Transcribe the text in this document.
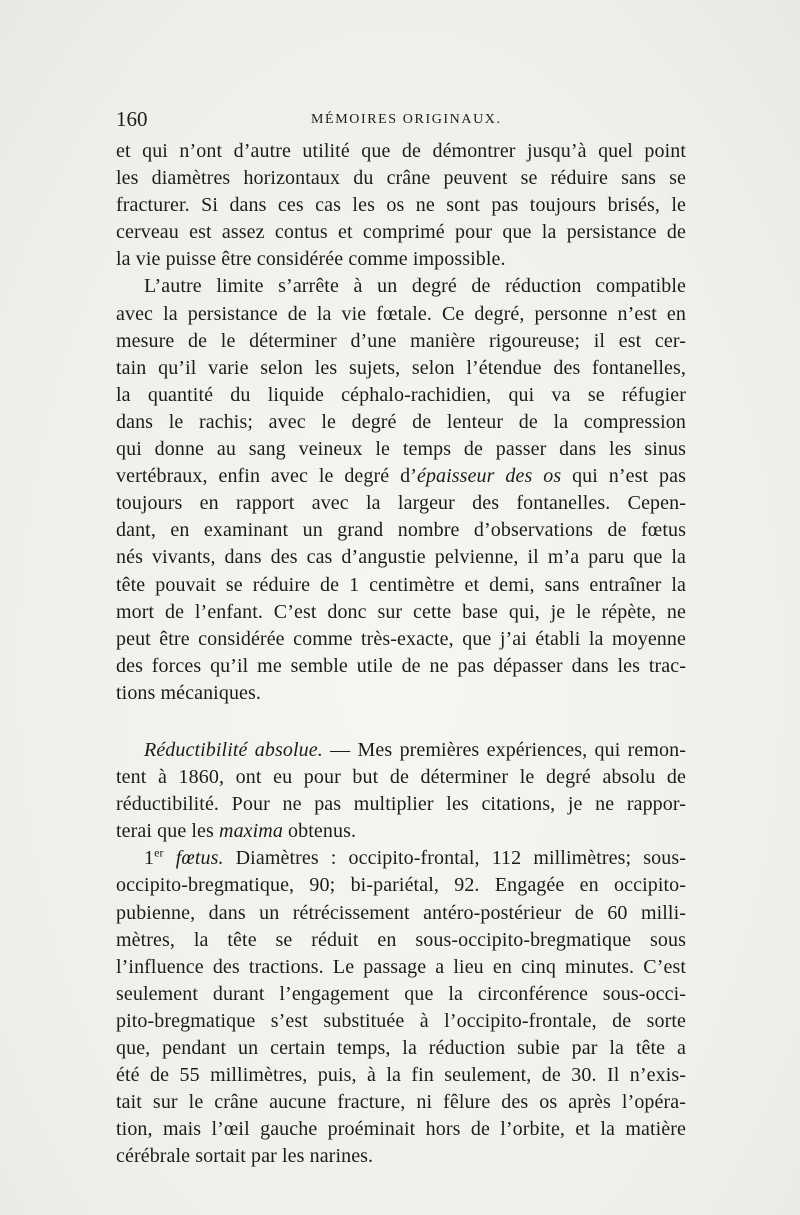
160	MÉMOIRES ORIGINAUX.
et qui n’ont d’autre utilité que de démontrer jusqu’à quel point
les diamètres horizontaux du crâne peuvent se réduire sans se
fracturer. Si dans ces cas les os ne sont pas toujours brisés, le
cerveau est assez contus et comprimé pour que la persistance de
la vie puisse être considérée comme impossible.
L’autre limite s’arrête à un degré de réduction compatible
avec la persistance de la vie fœtale. Ce degré, personne n’est en
mesure de le déterminer d’une manière rigoureuse; il est cer-
tain qu’il varie selon les sujets, selon l’étendue des fontanelles,
la quantité du liquide céphalo-rachidien, qui va se réfugier
dans le rachis; avec le degré de lenteur de la compression
qui donne au sang veineux le temps de passer dans les sinus
vertébraux, enfin avec le degré d’épaisseur des os qui n’est pas
toujours en rapport avec la largeur des fontanelles. Cepen-
dant, en examinant un grand nombre d’observations de fœtus
nés vivants, dans des cas d’angustie pelvienne, il m’a paru que la
tête pouvait se réduire de 1 centimètre et demi, sans entraîner la
mort de l’enfant. C’est donc sur cette base qui, je le répète, ne
peut être considérée comme très-exacte, que j’ai établi la moyenne
des forces qu’il me semble utile de ne pas dépasser dans les trac-
tions mécaniques.
Réductibilité absolue. — Mes premières expériences, qui remon-
tent à 1860, ont eu pour but de déterminer le degré absolu de
réductibilité. Pour ne pas multiplier les citations, je ne rappor-
terai que les maxima obtenus.
1er fœtus. Diamètres : occipito-frontal, 112 millimètres; sous-
occipito-bregmatique, 90; bi-pariétal, 92. Engagée en occipito-
pubienne, dans un rétrécissement antéro-postérieur de 60 milli-
mètres, la tête se réduit en sous-occipito-bregmatique sous
l’influence des tractions. Le passage a lieu en cinq minutes. C’est
seulement durant l’engagement que la circonférence sous-occi-
pito-bregmatique s’est substituée à l’occipito-frontale, de sorte
que, pendant un certain temps, la réduction subie par la tête a
été de 55 millimètres, puis, à la fin seulement, de 30. Il n’exis-
tait sur le crâne aucune fracture, ni fêlure des os après l’opéra-
tion, mais l’œil gauche proéminait hors de l’orbite, et la matière
cérébrale sortait par les narines.
